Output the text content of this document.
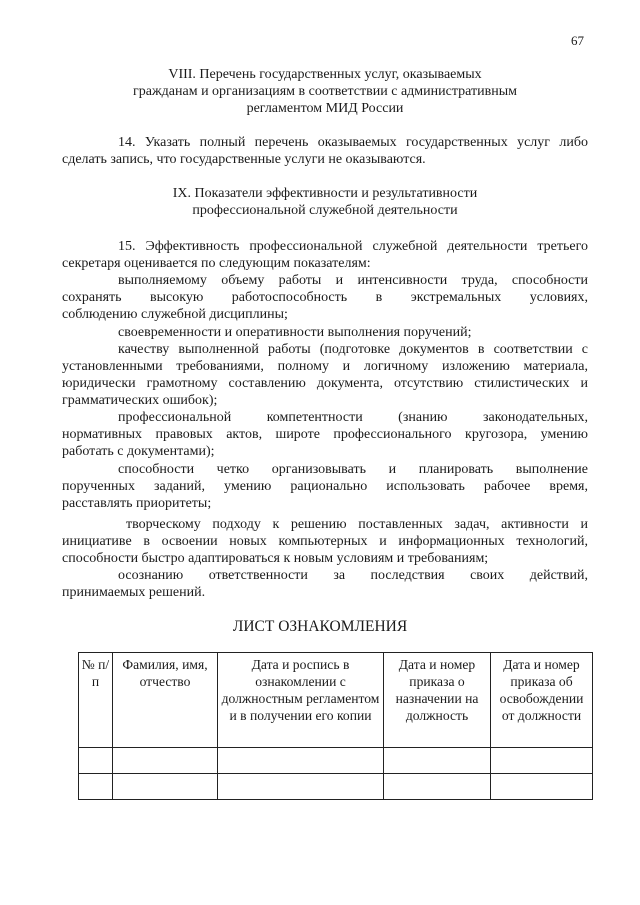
67
VIII. Перечень государственных услуг, оказываемых
гражданам и организациям в соответствии с административным
регламентом МИД России
14. Указать полный перечень оказываемых государственных услуг либо
сделать запись, что государственные услуги не оказываются.
IX. Показатели эффективности и результативности
профессиональной служебной деятельности
15. Эффективность профессиональной служебной деятельности третьего
секретаря оценивается по следующим показателям:
выполняемому объему работы и интенсивности труда, способности
сохранять высокую работоспособность в экстремальных условиях,
соблюдению служебной дисциплины;
своевременности и оперативности выполнения поручений;
качеству выполненной работы (подготовке документов в соответствии с
установленными требованиями, полному и логичному изложению материала,
юридически грамотному составлению документа, отсутствию стилистических и
грамматических ошибок);
профессиональной компетентности (знанию законодательных,
нормативных правовых актов, широте профессионального кругозора, умению
работать с документами);
способности четко организовывать и планировать выполнение
порученных заданий, умению рационально использовать рабочее время,
расставлять приоритеты;
творческому подходу к решению поставленных задач, активности и
инициативе в освоении новых компьютерных и информационных технологий,
способности быстро адаптироваться к новым условиям и требованиям;
осознанию ответственности за последствия своих действий,
принимаемых решений.
ЛИСТ ОЗНАКОМЛЕНИЯ
№ п/п	Фамилия, имя, отчество	Дата и роспись в ознакомлении с должностным регламентом и в получении его копии	Дата и номер приказа о назначении на должность	Дата и номер приказа об освобождении от должности
